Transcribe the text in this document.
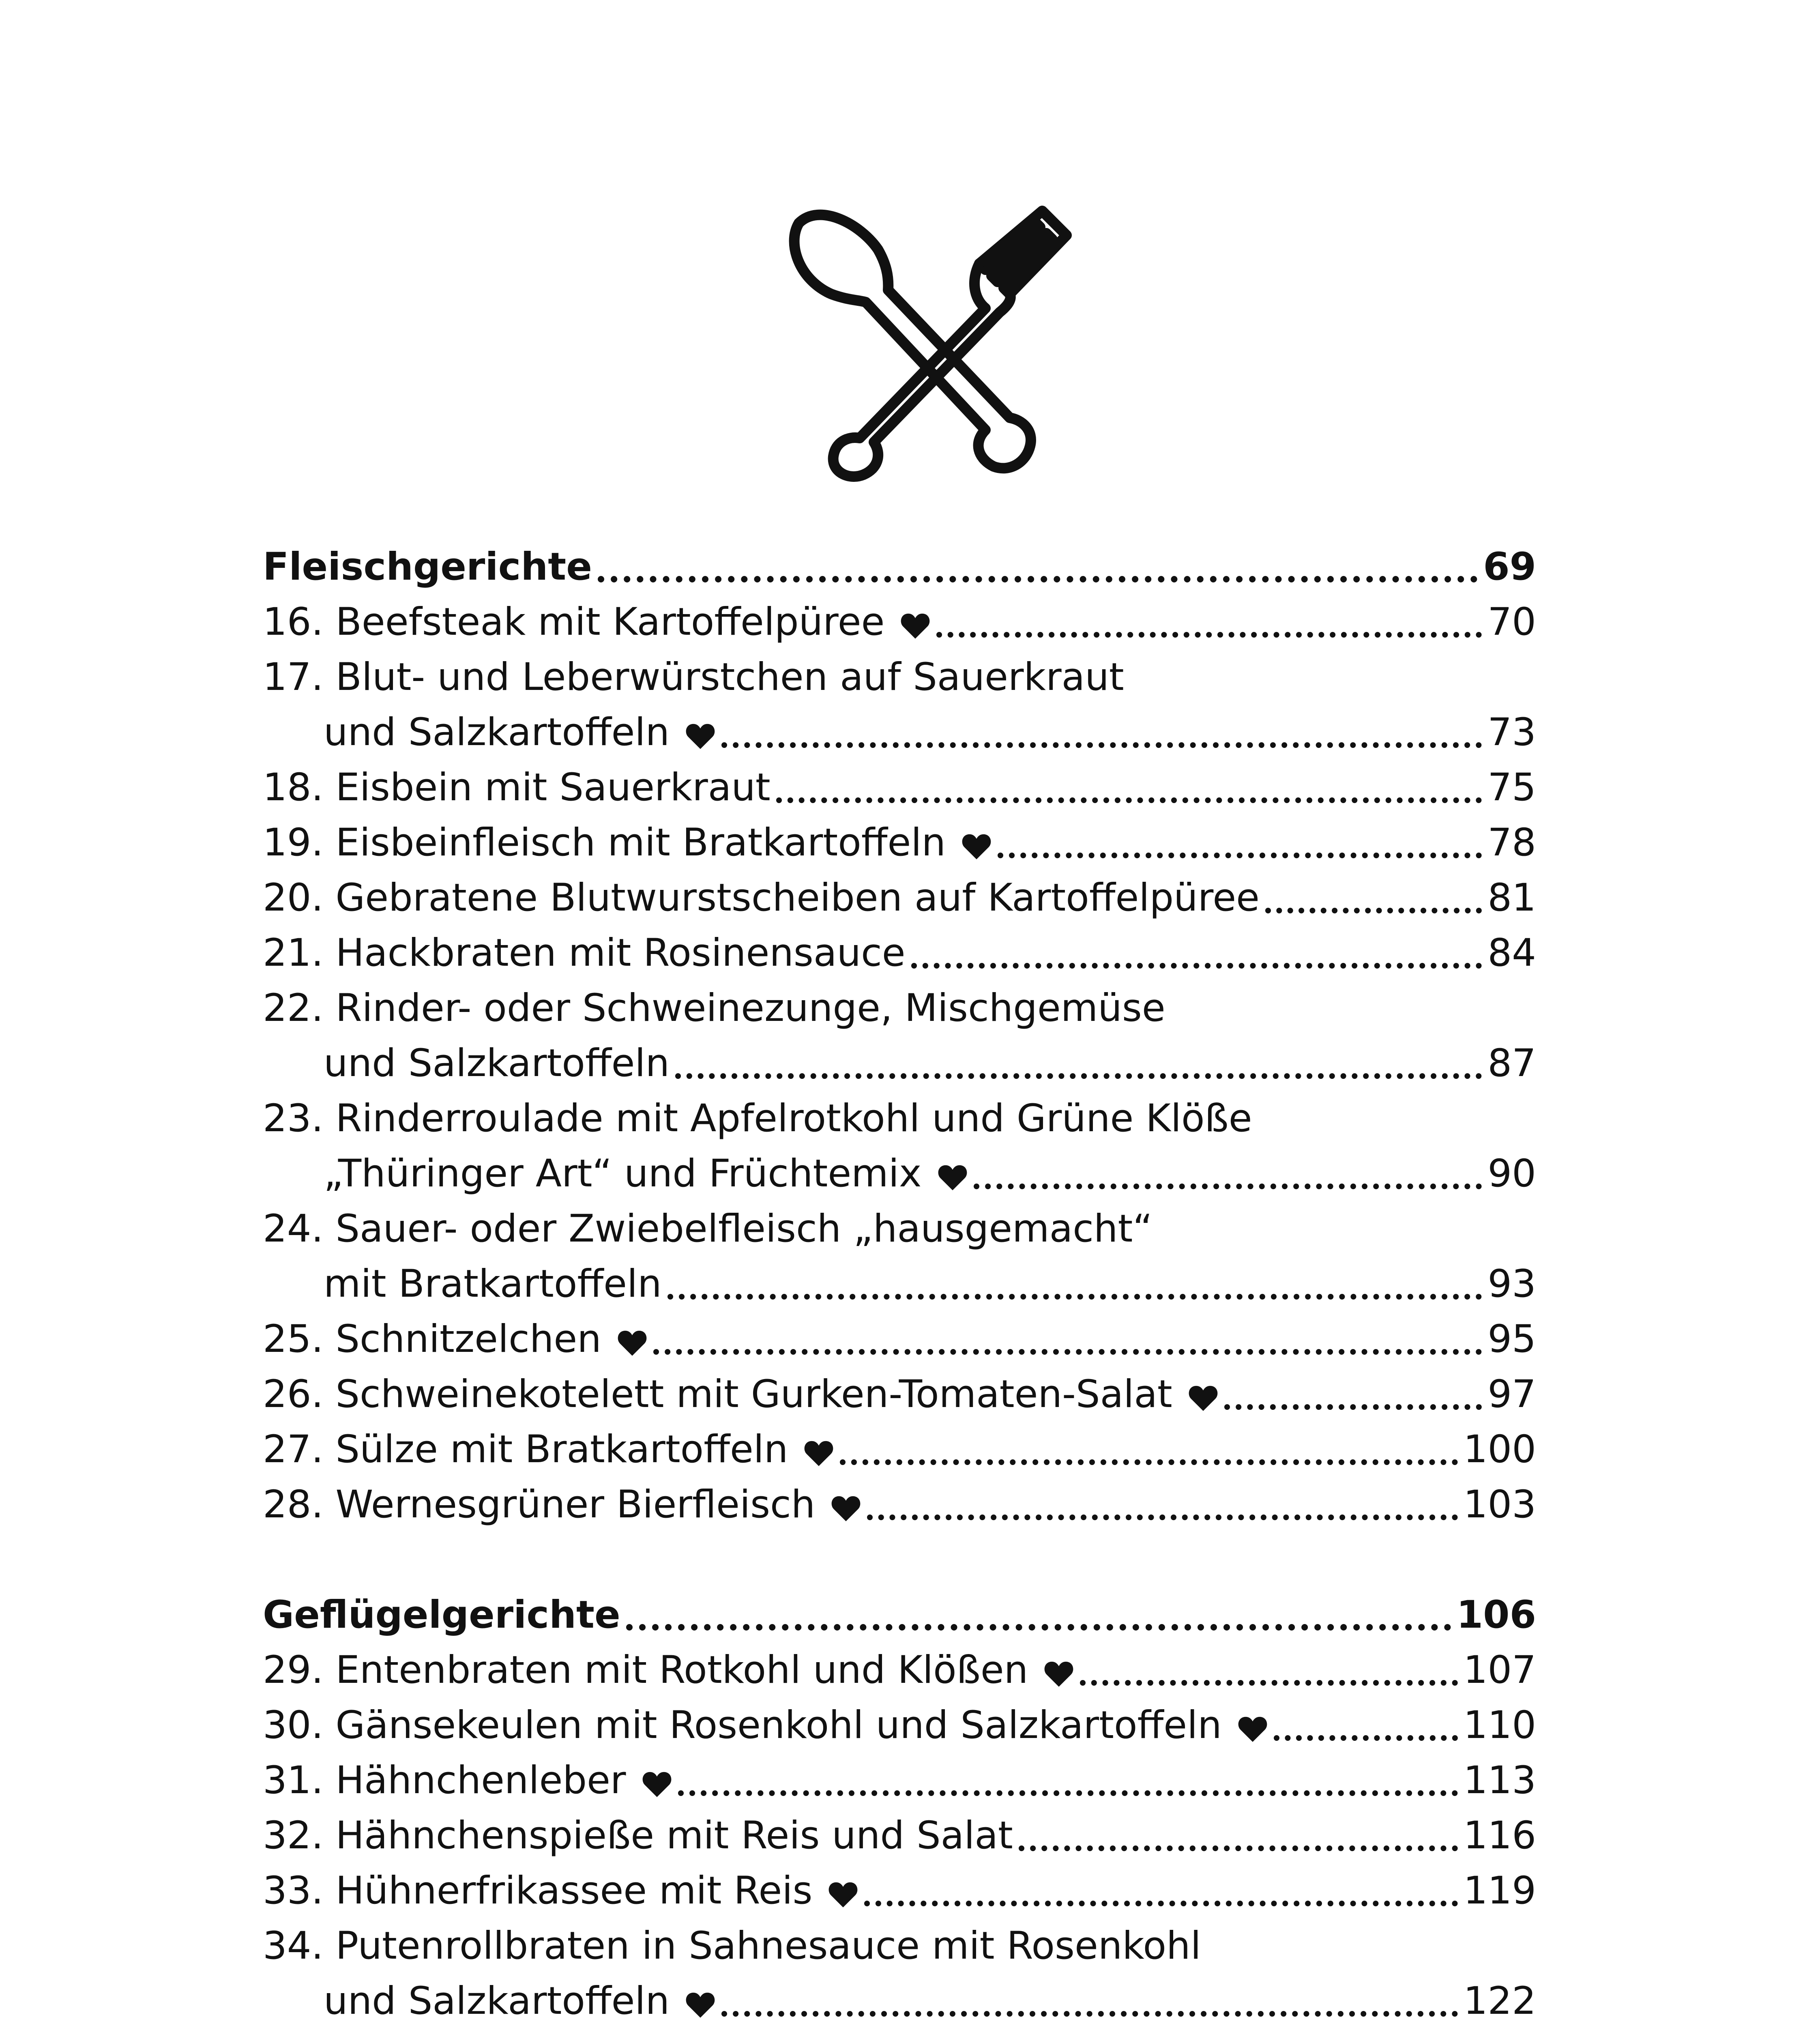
Fleischgerichte	69
16. Beefsteak mit Kartoffelpüree	70
17. Blut- und Leberwürstchen auf Sauerkraut
und Salzkartoffeln	73
18. Eisbein mit Sauerkraut	75
19. Eisbeinfleisch mit Bratkartoffeln	78
20. Gebratene Blutwurstscheiben auf Kartoffelpüree	81
21. Hackbraten mit Rosinensauce	84
22. Rinder- oder Schweinezunge, Mischgemüse
und Salzkartoffeln	87
23. Rinderroulade mit Apfelrotkohl und Grüne Klöße
„Thüringer Art“ und Früchtemix	90
24. Sauer- oder Zwiebelfleisch „hausgemacht“
mit Bratkartoffeln	93
25. Schnitzelchen	95
26. Schweinekotelett mit Gurken-Tomaten-Salat	97
27. Sülze mit Bratkartoffeln	100
28. Wernesgrüner Bierfleisch	103
Geflügelgerichte	106
29. Entenbraten mit Rotkohl und Klößen	107
30. Gänsekeulen mit Rosenkohl und Salzkartoffeln	110
31. Hähnchenleber	113
32. Hähnchenspieße mit Reis und Salat	116
33. Hühnerfrikassee mit Reis	119
34. Putenrollbraten in Sahnesauce mit Rosenkohl
und Salzkartoffeln	122
